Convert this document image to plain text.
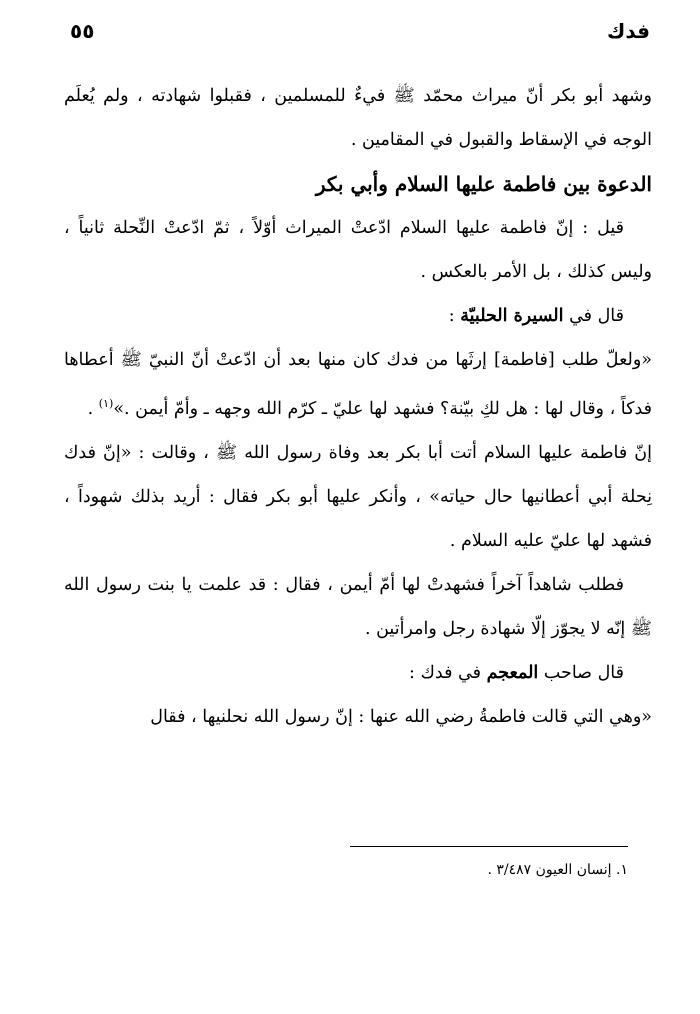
٥٥	فدك

وشهد أبو بكر أنّ ميراث محمّد ﷺ فيءٌ للمسلمين ، فقبلوا شهادته ، ولم يُعلَم الوجه في الإسقاط والقبول في المقامين .

الدعوة بين فاطمة عليها السلام وأبي بكر

قيل : إنّ فاطمة عليها السلام ادّعتْ الميراث أوّلاً ، ثمّ ادّعتْ النِّحلة ثانياً ، وليس كذلك ، بل الأمر بالعكس .

قال في السيرة الحلبيّة :

«ولعلّ طلب [فاطمة] إرثَها من فدك كان منها بعد أن ادّعتْ أنّ النبيّ ﷺ أعطاها فدكاً ، وقال لها : هل لكِ بيّنة؟ فشهد لها عليّ ـ كرّم الله وجهه ـ وأمّ أيمن .»$^{(١)}$ .

إنّ فاطمة عليها السلام أتت أبا بكر بعد وفاة رسول الله ﷺ ، وقالت : «إنّ فدك نِحلة أبي أعطانيها حال حياته» ، وأنكر عليها أبو بكر فقال : أريد بذلك شهوداً ، فشهد لها عليّ عليه السلام .

فطلب شاهداً آخراً فشهدتْ لها أمّ أيمن ، فقال : قد علمت يا بنت رسول الله ﷺ إنّه لا يجوّز إلّا شهادة رجل وامرأتين .

قال صاحب المعجم في فدك :

«وهي التي قالت فاطمةُ رضي الله عنها : إنّ رسول الله نحلنيها ، فقال

١. إنسان العيون ٣/٤٨٧ .
